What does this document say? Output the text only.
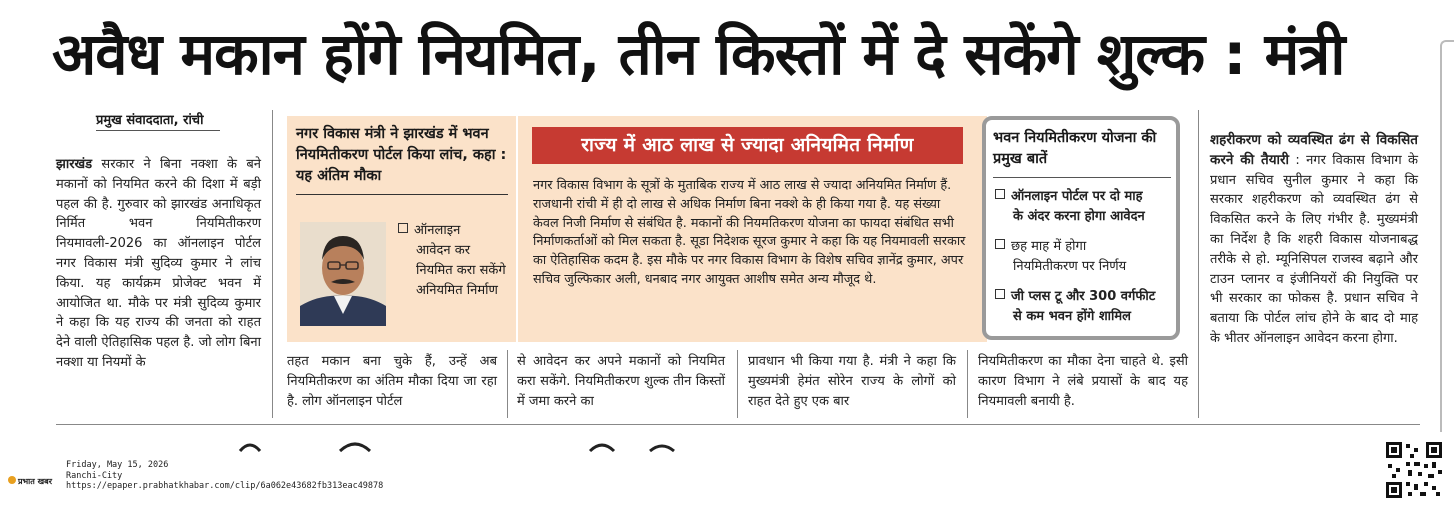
अवैध मकान होंगे नियमित, तीन किस्तों में दे सकेंगे शुल्क : मंत्री
प्रमुख संवाददाता, रांची
झारखंड सरकार ने बिना नक्शा के बने मकानों को नियमित करने की दिशा में बड़ी पहल की है. गुरुवार को झारखंड अनाधिकृत निर्मित भवन नियमितीकरण नियमावली-2026 का ऑनलाइन पोर्टल नगर विकास मंत्री सुदिव्य कुमार ने लांच किया. यह कार्यक्रम प्रोजेक्ट भवन में आयोजित था. मौके पर मंत्री सुदिव्य कुमार ने कहा कि यह राज्य की जनता को राहत देने वाली ऐतिहासिक पहल है. जो लोग बिना नक्शा या नियमों के
नगर विकास मंत्री ने झारखंड में भवन नियमितीकरण पोर्टल किया लांच, कहा : यह अंतिम मौका
ऑनलाइन
आवेदन कर नियमित करा सकेंगे अनियमित निर्माण
राज्य में आठ लाख से ज्यादा अनियमित निर्माण
नगर विकास विभाग के सूत्रों के मुताबिक राज्य में आठ लाख से ज्यादा अनियमित निर्माण हैं. राजधानी रांची में ही दो लाख से अधिक निर्माण बिना नक्शे के ही किया गया है. यह संख्या केवल निजी निर्माण से संबंधित है. मकानों की नियमतिकरण योजना का फायदा संबंधित सभी निर्माणकर्ताओं को मिल सकता है. सूडा निदेशक सूरज कुमार ने कहा कि यह नियमावली सरकार का ऐतिहासिक कदम है. इस मौके पर नगर विकास विभाग के विशेष सचिव ज्ञानेंद्र कुमार, अपर सचिव जुल्फिकार अली, धनबाद नगर आयुक्त आशीष समेत अन्य मौजूद थे.
भवन नियमितीकरण योजना की प्रमुख बातें
ऑनलाइन पोर्टल पर दो माह
के अंदर करना होगा आवेदन
छह माह में होगा
नियमितीकरण पर निर्णय
जी प्लस टू और 300 वर्गफीट
से कम भवन होंगे शामिल
तहत मकान बना चुके हैं, उन्हें अब नियमितीकरण का अंतिम मौका दिया जा रहा है. लोग ऑनलाइन पोर्टल
से आवेदन कर अपने मकानों को नियमित करा सकेंगे. नियमितीकरण शुल्क तीन किस्तों में जमा करने का
प्रावधान भी किया गया है. मंत्री ने कहा कि मुख्यमंत्री हेमंत सोरेन राज्य के लोगों को राहत देते हुए एक बार
नियमितीकरण का मौका देना चाहते थे. इसी कारण विभाग ने लंबे प्रयासों के बाद यह नियमावली बनायी है.
शहरीकरण को व्यवस्थित ढंग से विकसित करने की तैयारी : नगर विकास विभाग के प्रधान सचिव सुनील कुमार ने कहा कि सरकार शहरीकरण को व्यवस्थित ढंग से विकसित करने के लिए गंभीर है. मुख्यमंत्री का निर्देश है कि शहरी विकास योजनाबद्ध तरीके से हो. म्यूनिसिपल राजस्व बढ़ाने और टाउन प्लानर व इंजीनियरों की नियुक्ति पर भी सरकार का फोकस है. प्रधान सचिव ने बताया कि पोर्टल लांच होने के बाद दो माह के भीतर ऑनलाइन आवेदन करना होगा.
प्रभात खबर
Friday, May 15, 2026
Ranchi-City
https://epaper.prabhatkhabar.com/clip/6a062e43682fb313eac49878
